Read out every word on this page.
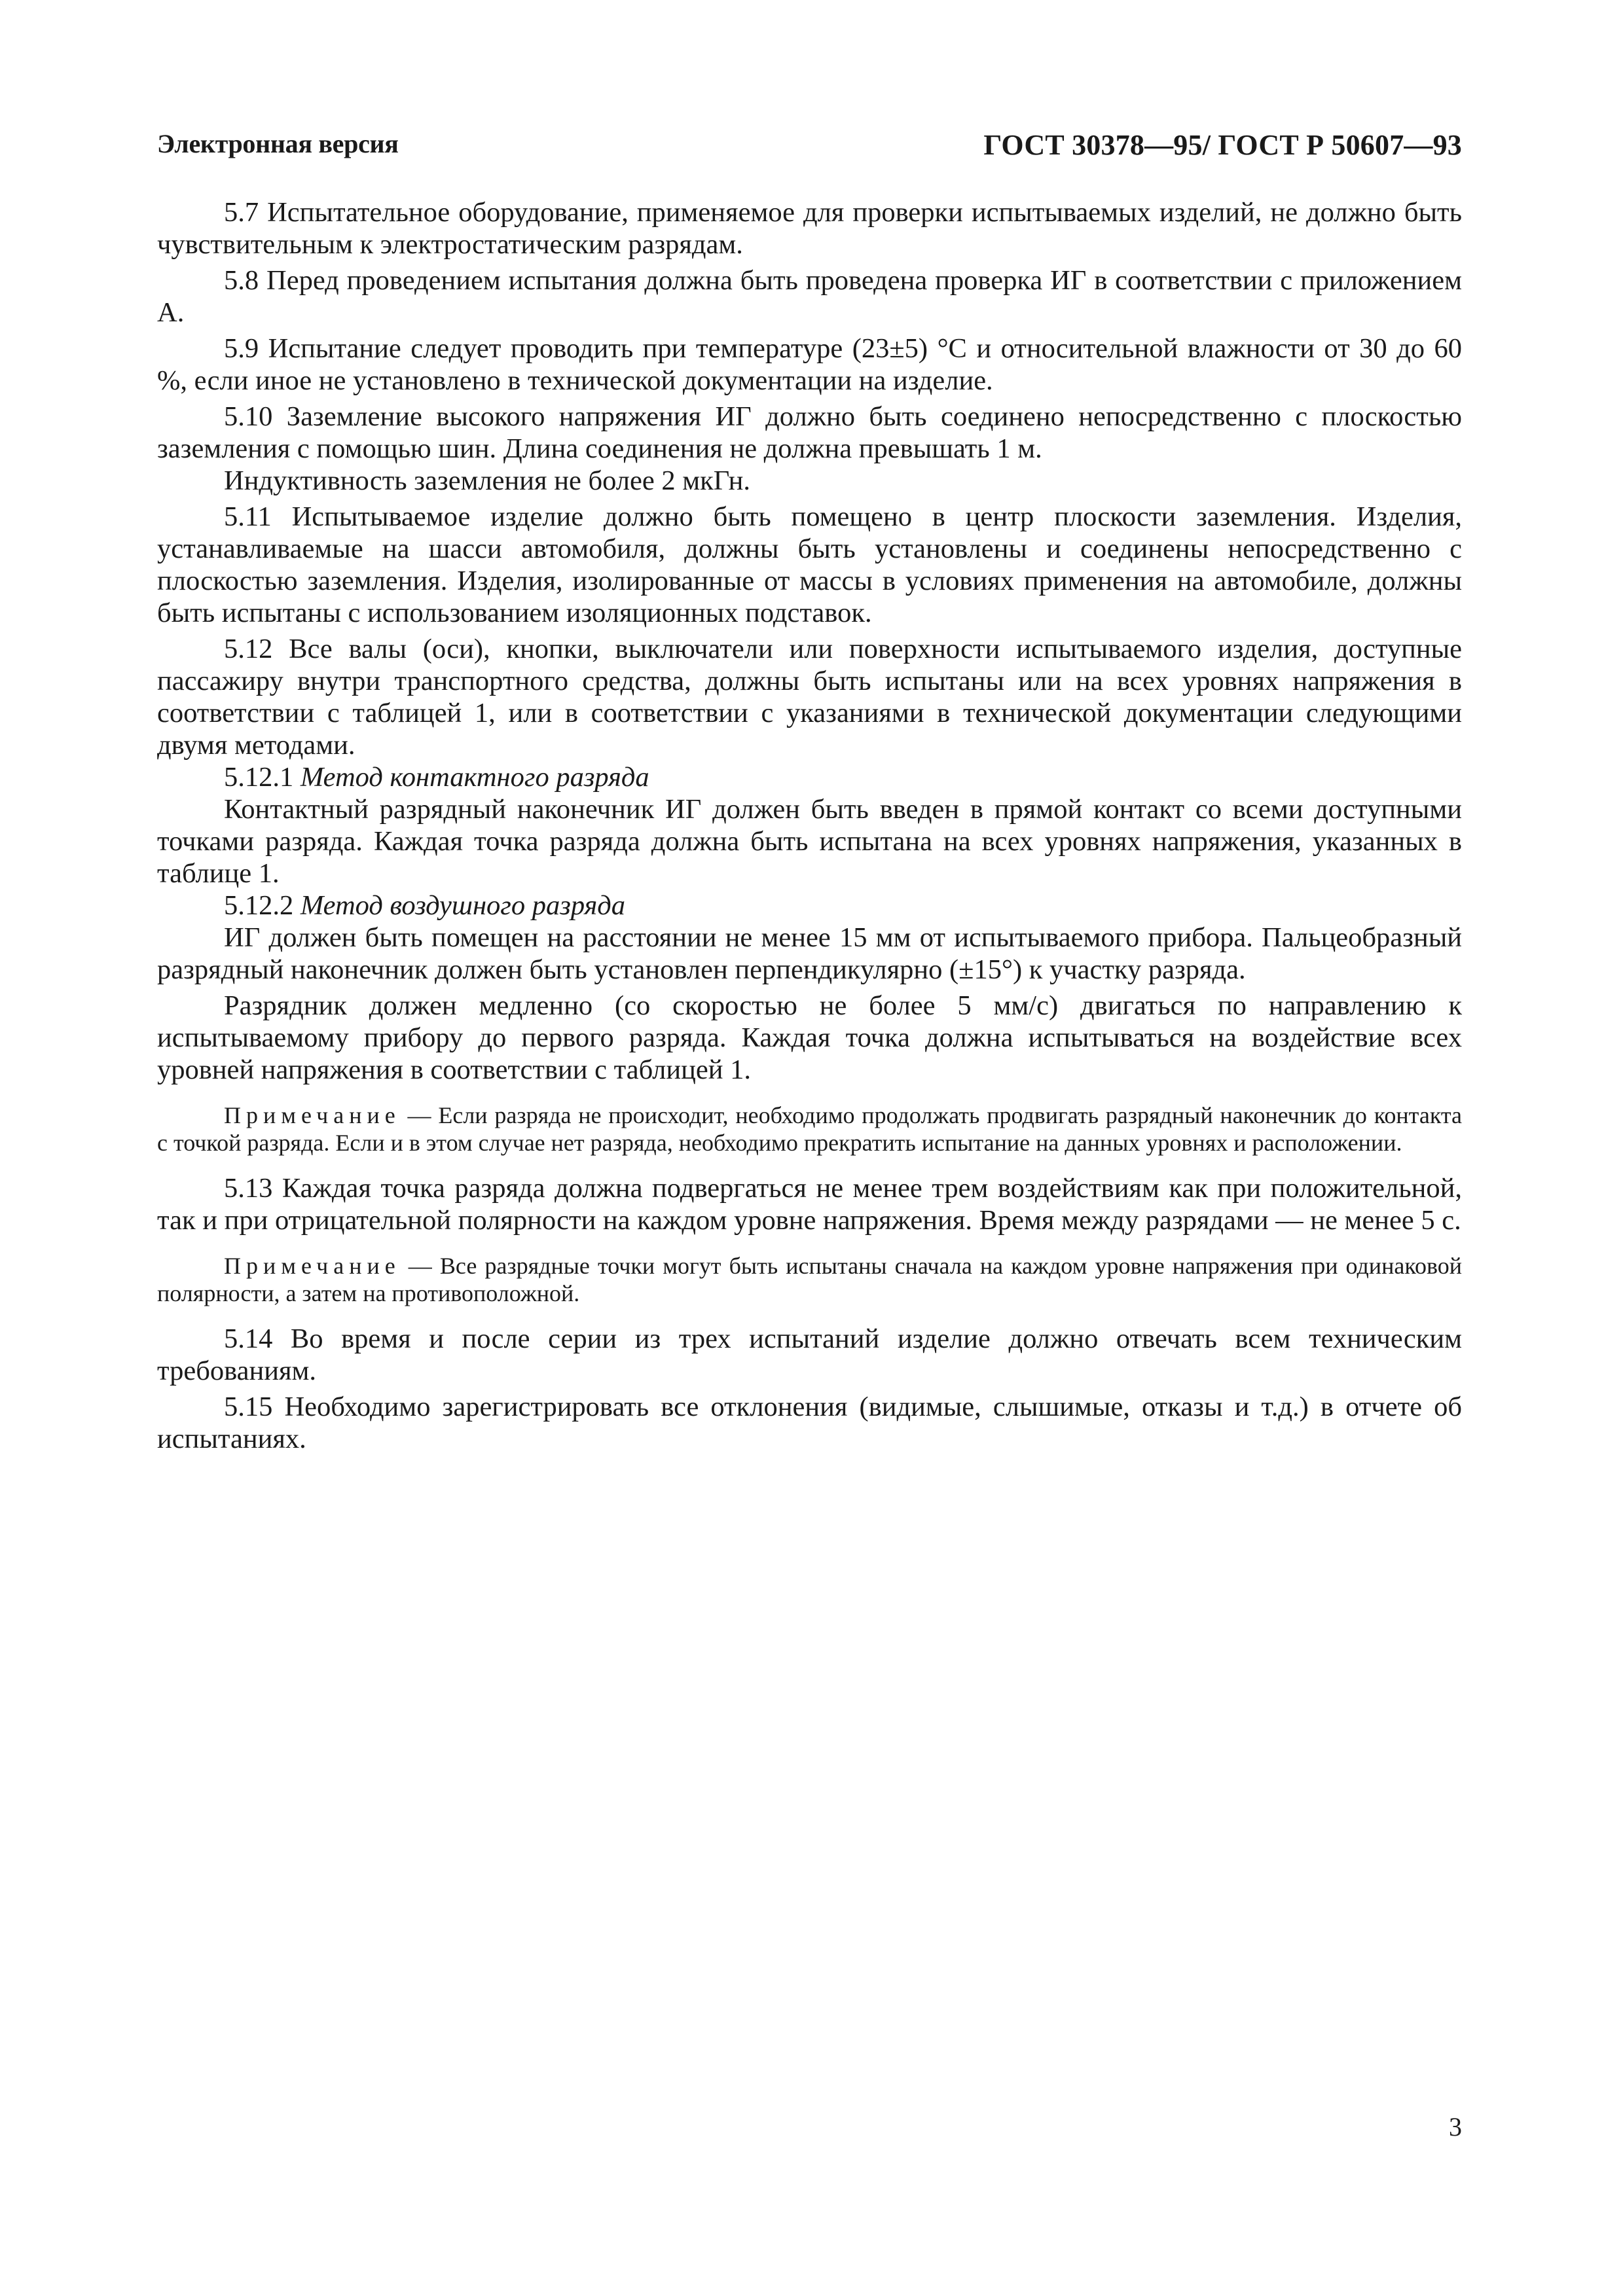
Электронная версия	ГОСТ 30378—95/ ГОСТ Р 50607—93

5.7 Испытательное оборудование, применяемое для проверки испытываемых изделий, не должно быть чувствительным к электростатическим разрядам.

5.8 Перед проведением испытания должна быть проведена проверка ИГ в соответствии с приложением А.

5.9 Испытание следует проводить при температуре (23±5) °С и относительной влажности от 30 до 60 %, если иное не установлено в технической документации на изделие.

5.10 Заземление высокого напряжения ИГ должно быть соединено непосредственно с плоскостью заземления с помощью шин. Длина соединения не должна превышать 1 м.

Индуктивность заземления не более 2 мкГн.

5.11 Испытываемое изделие должно быть помещено в центр плоскости заземления. Изделия, устанавливаемые на шасси автомобиля, должны быть установлены и соединены непосредственно с плоскостью заземления. Изделия, изолированные от массы в условиях применения на автомобиле, должны быть испытаны с использованием изоляционных подставок.

5.12 Все валы (оси), кнопки, выключатели или поверхности испытываемого изделия, доступные пассажиру внутри транспортного средства, должны быть испытаны или на всех уровнях напряжения в соответствии с таблицей 1, или в соответствии с указаниями в технической документации следующими двумя методами.

5.12.1 Метод контактного разряда

Контактный разрядный наконечник ИГ должен быть введен в прямой контакт со всеми доступными точками разряда. Каждая точка разряда должна быть испытана на всех уровнях напряжения, указанных в таблице 1.

5.12.2 Метод воздушного разряда

ИГ должен быть помещен на расстоянии не менее 15 мм от испытываемого прибора. Пальцеобразный разрядный наконечник должен быть установлен перпендикулярно (±15°) к участку разряда.

Разрядник должен медленно (со скоростью не более 5 мм/с) двигаться по направлению к испытываемому прибору до первого разряда. Каждая точка должна испытываться на воздействие всех уровней напряжения в соответствии с таблицей 1.

Примечание — Если разряда не происходит, необходимо продолжать продвигать разрядный наконечник до контакта с точкой разряда. Если и в этом случае нет разряда, необходимо прекратить испытание на данных уровнях и расположении.

5.13 Каждая точка разряда должна подвергаться не менее трем воздействиям как при положительной, так и при отрицательной полярности на каждом уровне напряжения. Время между разрядами — не менее 5 с.

Примечание — Все разрядные точки могут быть испытаны сначала на каждом уровне напряжения при одинаковой полярности, а затем на противоположной.

5.14 Во время и после серии из трех испытаний изделие должно отвечать всем техническим требованиям.

5.15 Необходимо зарегистрировать все отклонения (видимые, слышимые, отказы и т.д.) в отчете об испытаниях.

3
